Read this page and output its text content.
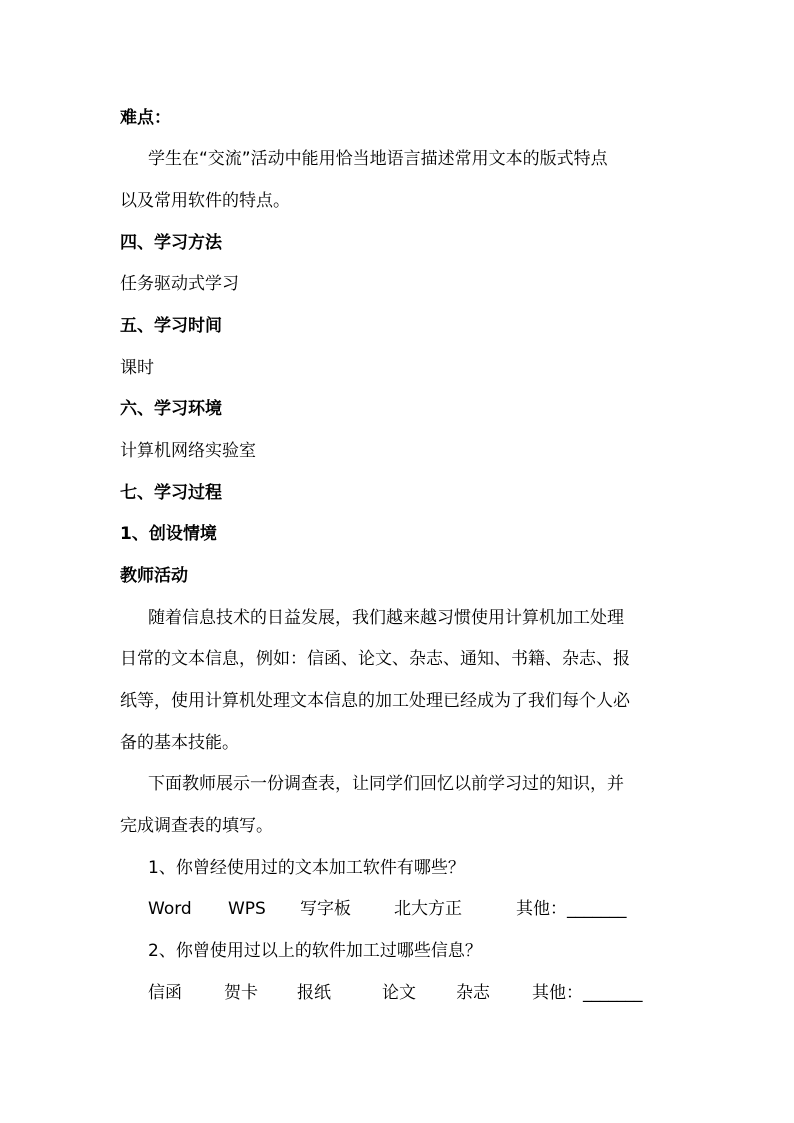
难点：
学生在“交流”活动中能用恰当地语言描述常用文本的版式特点
以及常用软件的特点。
四、学习方法
任务驱动式学习
五、学习时间
课时
六、学习环境
计算机网络实验室
七、学习过程
1、创设情境
教师活动
随着信息技术的日益发展，我们越来越习惯使用计算机加工处理
日常的文本信息，例如：信函、论文、杂志、通知、书籍、杂志、报
纸等，使用计算机处理文本信息的加工处理已经成为了我们每个人必
备的基本技能。
下面教师展示一份调查表，让同学们回忆以前学习过的知识，并
完成调查表的填写。
1、你曾经使用过的文本加工软件有哪些？
Word WPS 写字板	北大方正	其他：_______
2、你曾使用过以上的软件加工过哪些信息？
信函 贺卡 报纸	论文 杂志 其他：_______
